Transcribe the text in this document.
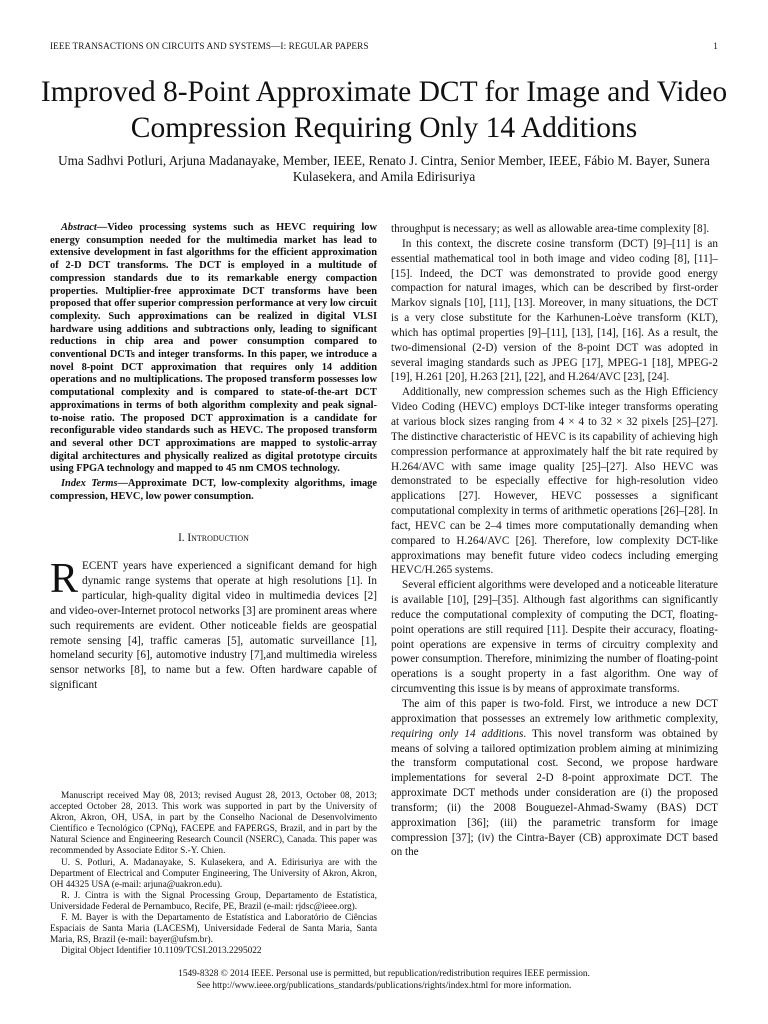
IEEE TRANSACTIONS ON CIRCUITS AND SYSTEMS—I: REGULAR PAPERS	1
Improved 8-Point Approximate DCT for Image and Video Compression Requiring Only 14 Additions
Uma Sadhvi Potluri, Arjuna Madanayake, Member, IEEE, Renato J. Cintra, Senior Member, IEEE, Fábio M. Bayer, Sunera Kulasekera, and Amila Edirisuriya

Abstract—Video processing systems such as HEVC requiring low energy consumption needed for the multimedia market has lead to extensive development in fast algorithms for the efficient approximation of 2-D DCT transforms. The DCT is employed in a multitude of compression standards due to its remarkable energy compaction properties. Multiplier-free approximate DCT transforms have been proposed that offer superior compression performance at very low circuit complexity. Such approximations can be realized in digital VLSI hardware using additions and subtractions only, leading to significant reductions in chip area and power consumption compared to conventional DCTs and integer transforms. In this paper, we introduce a novel 8-point DCT approximation that requires only 14 addition operations and no multiplications. The proposed transform possesses low computational complexity and is compared to state-of-the-art DCT approximations in terms of both algorithm complexity and peak signal-to-noise ratio. The proposed DCT approximation is a candidate for reconfigurable video standards such as HEVC. The proposed transform and several other DCT approximations are mapped to systolic-array digital architectures and physically realized as digital prototype circuits using FPGA technology and mapped to 45 nm CMOS technology.

Index Terms—Approximate DCT, low-complexity algorithms, image compression, HEVC, low power consumption.

I. Introduction

RECENT years have experienced a significant demand for high dynamic range systems that operate at high resolutions [1]. In particular, high-quality digital video in multimedia devices [2] and video-over-Internet protocol networks [3] are prominent areas where such requirements are evident. Other noticeable fields are geospatial remote sensing [4], traffic cameras [5], automatic surveillance [1], homeland security [6], automotive industry [7],and multimedia wireless sensor networks [8], to name but a few. Often hardware capable of significant

Manuscript received May 08, 2013; revised August 28, 2013, October 08, 2013; accepted October 28, 2013. This work was supported in part by the University of Akron, Akron, OH, USA, in part by the Conselho Nacional de Desenvolvimento Científico e Tecnológico (CPNq), FACEPE and FAPERGS, Brazil, and in part by the Natural Science and Engineering Research Council (NSERC), Canada. This paper was recommended by Associate Editor S.-Y. Chien.

U. S. Potluri, A. Madanayake, S. Kulasekera, and A. Edirisuriya are with the Department of Electrical and Computer Engineering, The University of Akron, Akron, OH 44325 USA (e-mail: arjuna@uakron.edu).

R. J. Cintra is with the Signal Processing Group, Departamento de Estatística, Universidade Federal de Pernambuco, Recife, PE, Brazil (e-mail: rjdsc@ieee.org).

F. M. Bayer is with the Departamento de Estatística and Laboratório de Ciências Espaciais de Santa Maria (LACESM), Universidade Federal de Santa Maria, Santa Maria, RS, Brazil (e-mail: bayer@ufsm.br).

Digital Object Identifier 10.1109/TCSI.2013.2295022

throughput is necessary; as well as allowable area-time complexity [8].

In this context, the discrete cosine transform (DCT) [9]–[11] is an essential mathematical tool in both image and video coding [8], [11]–[15]. Indeed, the DCT was demonstrated to provide good energy compaction for natural images, which can be described by first-order Markov signals [10], [11], [13]. Moreover, in many situations, the DCT is a very close substitute for the Karhunen-Loève transform (KLT), which has optimal properties [9]–[11], [13], [14], [16]. As a result, the two-dimensional (2-D) version of the 8-point DCT was adopted in several imaging standards such as JPEG [17], MPEG-1 [18], MPEG-2 [19], H.261 [20], H.263 [21], [22], and H.264/AVC [23], [24].

Additionally, new compression schemes such as the High Efficiency Video Coding (HEVC) employs DCT-like integer transforms operating at various block sizes ranging from 4 × 4 to 32 × 32 pixels [25]–[27]. The distinctive characteristic of HEVC is its capability of achieving high compression performance at approximately half the bit rate required by H.264/AVC with same image quality [25]–[27]. Also HEVC was demonstrated to be especially effective for high-resolution video applications [27]. However, HEVC possesses a significant computational complexity in terms of arithmetic operations [26]–[28]. In fact, HEVC can be 2–4 times more computationally demanding when compared to H.264/AVC [26]. Therefore, low complexity DCT-like approximations may benefit future video codecs including emerging HEVC/H.265 systems.

Several efficient algorithms were developed and a noticeable literature is available [10], [29]–[35]. Although fast algorithms can significantly reduce the computational complexity of computing the DCT, floating-point operations are still required [11]. Despite their accuracy, floating-point operations are expensive in terms of circuitry complexity and power consumption. Therefore, minimizing the number of floating-point operations is a sought property in a fast algorithm. One way of circumventing this issue is by means of approximate transforms.

The aim of this paper is two-fold. First, we introduce a new DCT approximation that possesses an extremely low arithmetic complexity, requiring only 14 additions. This novel transform was obtained by means of solving a tailored optimization problem aiming at minimizing the transform computational cost. Second, we propose hardware implementations for several 2-D 8-point approximate DCT. The approximate DCT methods under consideration are (i) the proposed transform; (ii) the 2008 Bouguezel-Ahmad-Swamy (BAS) DCT approximation [36]; (iii) the parametric transform for image compression [37]; (iv) the Cintra-Bayer (CB) approximate DCT based on the

1549-8328 © 2014 IEEE. Personal use is permitted, but republication/redistribution requires IEEE permission.
See http://www.ieee.org/publications_standards/publications/rights/index.html for more information.
